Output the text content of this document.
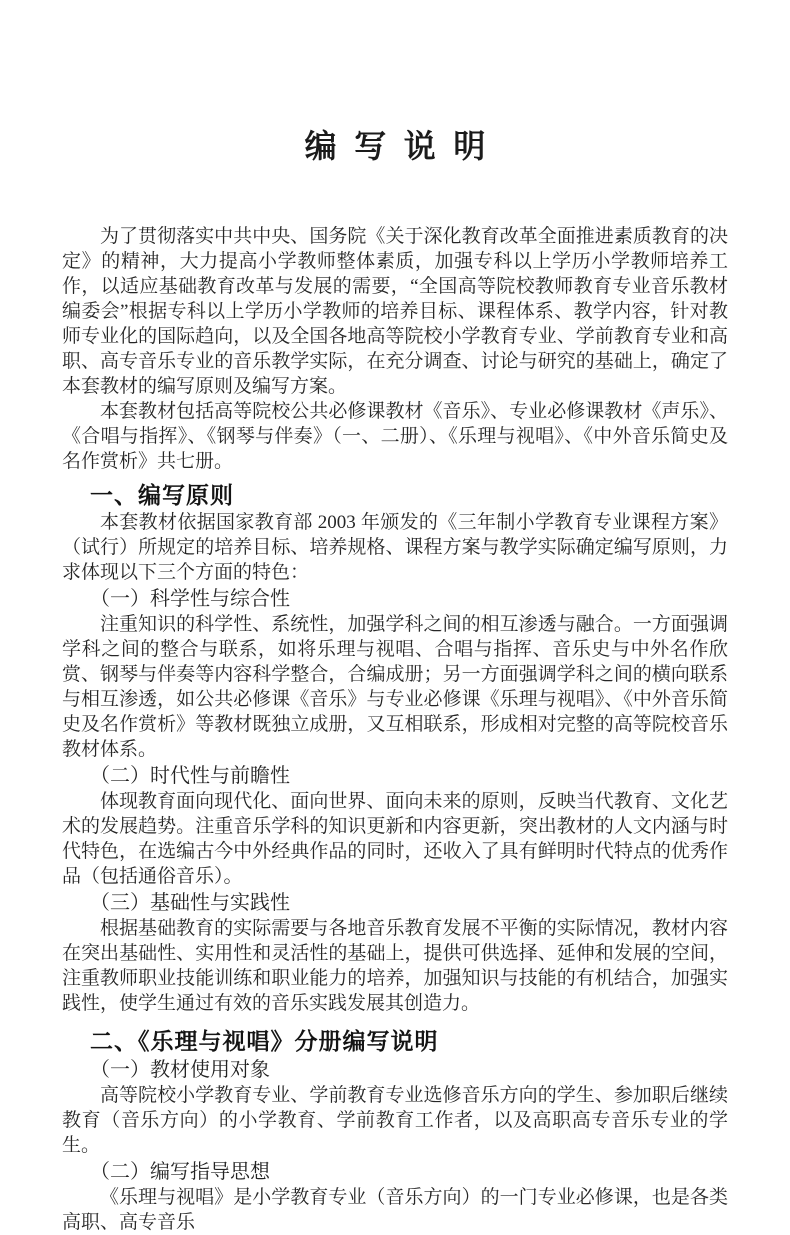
编写说明

为了贯彻落实中共中央、国务院《关于深化教育改革全面推进素质教育的决定》的精神，大力提高小学教师整体素质，加强专科以上学历小学教师培养工作，以适应基础教育改革与发展的需要，“全国高等院校教师教育专业音乐教材编委会”根据专科以上学历小学教师的培养目标、课程体系、教学内容，针对教师专业化的国际趋向，以及全国各地高等院校小学教育专业、学前教育专业和高职、高专音乐专业的音乐教学实际，在充分调查、讨论与研究的基础上，确定了本套教材的编写原则及编写方案。

本套教材包括高等院校公共必修课教材《音乐》、专业必修课教材《声乐》、《合唱与指挥》、《钢琴与伴奏》（一、二册）、《乐理与视唱》、《中外音乐简史及名作赏析》共七册。

一、编写原则

本套教材依据国家教育部 2003 年颁发的《三年制小学教育专业课程方案》（试行）所规定的培养目标、培养规格、课程方案与教学实际确定编写原则，力求体现以下三个方面的特色：

（一）科学性与综合性

注重知识的科学性、系统性，加强学科之间的相互渗透与融合。一方面强调学科之间的整合与联系，如将乐理与视唱、合唱与指挥、音乐史与中外名作欣赏、钢琴与伴奏等内容科学整合，合编成册；另一方面强调学科之间的横向联系与相互渗透，如公共必修课《音乐》与专业必修课《乐理与视唱》、《中外音乐简史及名作赏析》等教材既独立成册，又互相联系，形成相对完整的高等院校音乐教材体系。

（二）时代性与前瞻性

体现教育面向现代化、面向世界、面向未来的原则，反映当代教育、文化艺术的发展趋势。注重音乐学科的知识更新和内容更新，突出教材的人文内涵与时代特色，在选编古今中外经典作品的同时，还收入了具有鲜明时代特点的优秀作品（包括通俗音乐）。

（三）基础性与实践性

根据基础教育的实际需要与各地音乐教育发展不平衡的实际情况，教材内容在突出基础性、实用性和灵活性的基础上，提供可供选择、延伸和发展的空间，注重教师职业技能训练和职业能力的培养，加强知识与技能的有机结合，加强实践性，使学生通过有效的音乐实践发展其创造力。

二、《乐理与视唱》分册编写说明
（一）教材使用对象

高等院校小学教育专业、学前教育专业选修音乐方向的学生、参加职后继续教育（音乐方向）的小学教育、学前教育工作者，以及高职高专音乐专业的学生。

（二）编写指导思想

《乐理与视唱》是小学教育专业（音乐方向）的一门专业必修课，也是各类高职、高专音乐
